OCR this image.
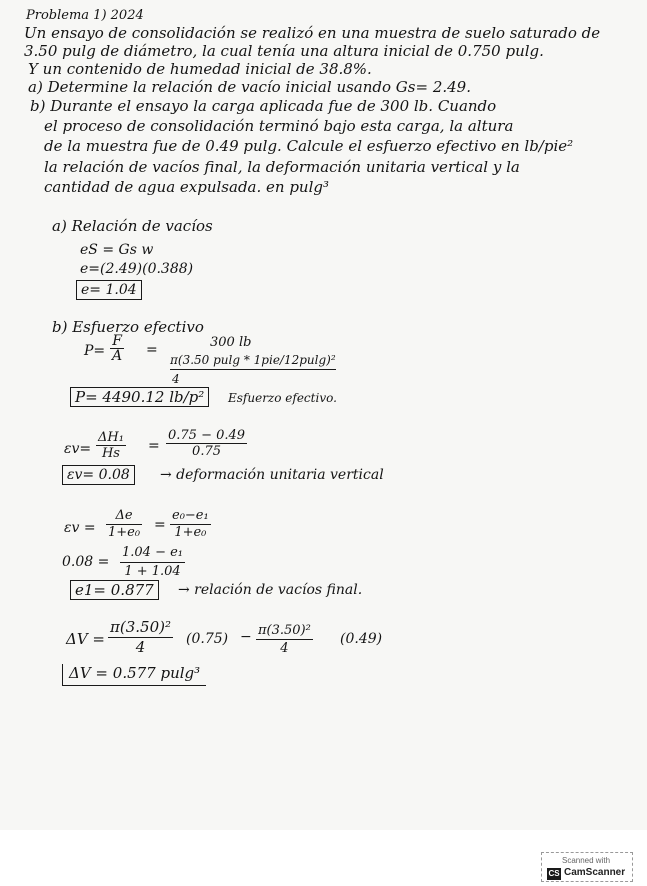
Problema 1) 2024
Un ensayo de consolidación se realizó en una muestra de suelo saturado de
3.50 pulg de diámetro, la cual tenía una altura inicial de 0.750 pulg.
Y un contenido de humedad inicial de 38.8%.
a) Determine la relación de vacío inicial usando Gs= 2.49.
b) Durante el ensayo la carga aplicada fue de 300 lb. Cuando
el proceso de consolidación terminó bajo esta carga, la altura
de la muestra fue de 0.49 pulg. Calcule el esfuerzo efectivo en lb/pie²
la relación de vacíos final, la deformación unitaria vertical y la
cantidad de agua expulsada. en pulg³
a) Relación de vacíos
eS = Gs w
e=(2.49)(0.388)
e= 1.04
b) Esfuerzo efectivo
$P= \frac{F}{A}$ =	300 lb
π(3.50 pulg * 1pie/12pulg)²
4
P= 4490.12 lb/p²	Esfuerzo efectivo.
$\varepsilon v= \frac{\text{ΔH₁}}{Hs} = \frac{0.75 - 0.49}{0.75}$
εv= 0.08	→ deformación unitaria vertical
$\varepsilon v = \frac{\Delta e}{\text{1+e₀}} = \frac{\text{e₀−e₁}}{\text{1+e₀}}$
$0.08 = \frac{\text{1.04 − e₁}}{1 + 1.04}$
e1= 0.877	→ relación de vacíos final.
$\Delta V = \frac{\text{π(3.50)²}}{4} (0.75) - \frac{\text{π(3.50)²}}{4} (0.49)$
ΔV = 0.577 pulg³
Scanned with
CS CamScanner
